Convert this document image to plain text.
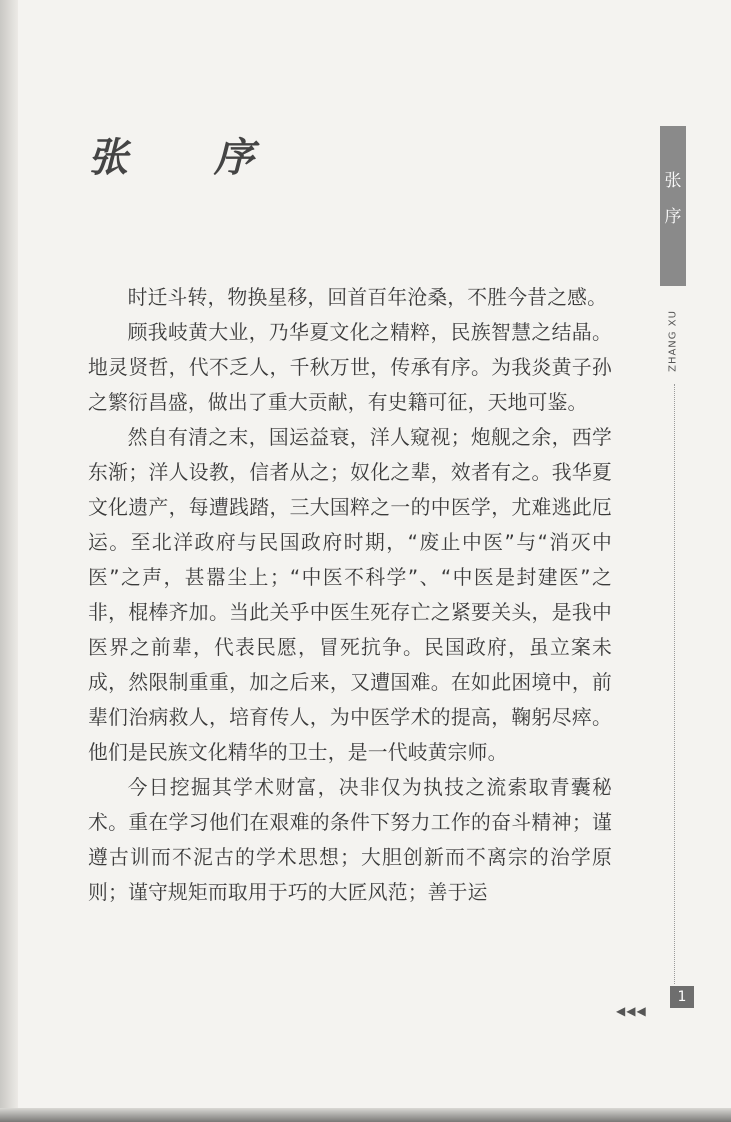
张 序

时迁斗转，物换星移，回首百年沧桑，不胜今昔之感。

顾我岐黄大业，乃华夏文化之精粹，民族智慧之结晶。地灵贤哲，代不乏人，千秋万世，传承有序。为我炎黄子孙之繁衍昌盛，做出了重大贡献，有史籍可征，天地可鉴。

然自有清之末，国运益衰，洋人窥视；炮舰之余，西学东渐；洋人设教，信者从之；奴化之辈，效者有之。我华夏文化遗产，每遭践踏，三大国粹之一的中医学，尤难逃此厄运。至北洋政府与民国政府时期，“废止中医”与“消灭中医”之声，甚嚣尘上；“中医不科学”、“中医是封建医”之非，棍棒齐加。当此关乎中医生死存亡之紧要关头，是我中医界之前辈，代表民愿，冒死抗争。民国政府，虽立案未成，然限制重重，加之后来，又遭国难。在如此困境中，前辈们治病救人，培育传人，为中医学术的提高，鞠躬尽瘁。他们是民族文化精华的卫士，是一代岐黄宗师。

今日挖掘其学术财富，决非仅为执技之流索取青囊秘术。重在学习他们在艰难的条件下努力工作的奋斗精神；谨遵古训而不泥古的学术思想；大胆创新而不离宗的治学原则；谨守规矩而取用于巧的大匠风范；善于运

张
序
ZHANG XU
1
◀◀◀
